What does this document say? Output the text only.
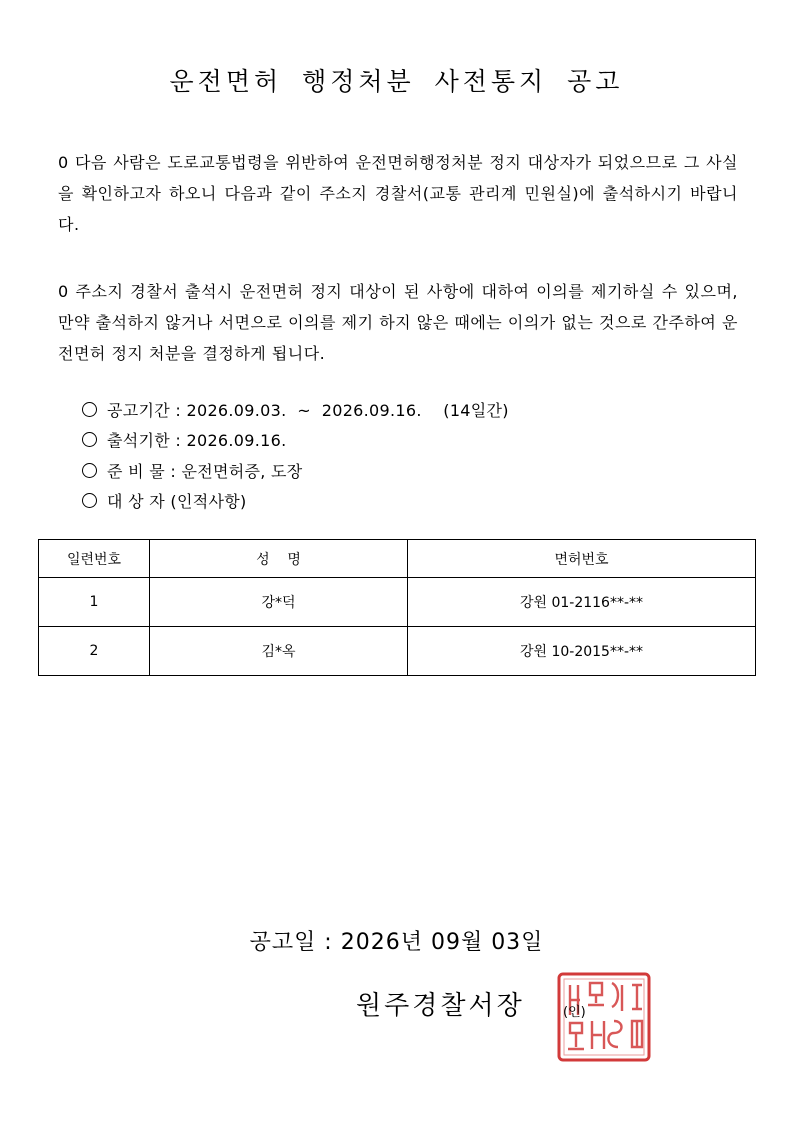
운전면허 행정처분 사전통지 공고

0 다음 사람은 도로교통법령을 위반하여 운전면허행정처분 정지 대상자가 되었으므로 그 사실을 확인하고자 하오니 다음과 같이 주소지 경찰서(교통 관리계 민원실)에 출석하시기 바랍니다.

0 주소지 경찰서 출석시 운전면허 정지 대상이 된 사항에 대하여 이의를 제기하실 수 있으며, 만약 출석하지 않거나 서면으로 이의를 제기 하지 않은 때에는 이의가 없는 것으로 간주하여 운전면허 정지 처분을 결정하게 됩니다.

공고기간 : 2026.09.03.  ~  2026.09.16.    (14일간)
출석기한 : 2026.09.16.
준 비 물 : 운전면허증, 도장
대 상 자 (인적사항)
일련번호	성    명	면허번호
1	강*덕	강원 01-2116**-**
2	김*옥	강원 10-2015**-**
공고일 : 2026년 09월 03일
원주경찰서장	(인)
